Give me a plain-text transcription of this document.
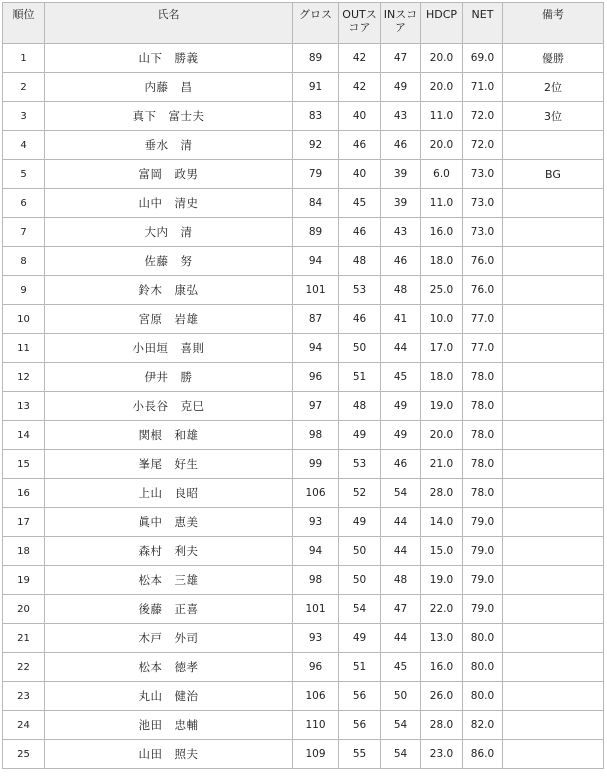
順位	氏名	グロス	OUTスコア	INスコア	HDCP	NET	備考
1	山下　勝義	89	42	47	20.0	69.0	優勝
2	内藤　昌	91	42	49	20.0	71.0	2位
3	真下　富士夫	83	40	43	11.0	72.0	3位
4	垂水　清	92	46	46	20.0	72.0	
5	富岡　政男	79	40	39	6.0	73.0	BG
6	山中　清史	84	45	39	11.0	73.0	
7	大内　清	89	46	43	16.0	73.0	
8	佐藤　努	94	48	46	18.0	76.0	
9	鈴木　康弘	101	53	48	25.0	76.0	
10	宮原　岩雄	87	46	41	10.0	77.0	
11	小田垣　喜則	94	50	44	17.0	77.0	
12	伊井　勝	96	51	45	18.0	78.0	
13	小長谷　克巳	97	48	49	19.0	78.0	
14	関根　和雄	98	49	49	20.0	78.0	
15	峯尾　好生	99	53	46	21.0	78.0	
16	上山　良昭	106	52	54	28.0	78.0	
17	眞中　恵美	93	49	44	14.0	79.0	
18	森村　利夫	94	50	44	15.0	79.0	
19	松本　三雄	98	50	48	19.0	79.0	
20	後藤　正喜	101	54	47	22.0	79.0	
21	木戸　外司	93	49	44	13.0	80.0	
22	松本　徳孝	96	51	45	16.0	80.0	
23	丸山　健治	106	56	50	26.0	80.0	
24	池田　忠輔	110	56	54	28.0	82.0	
25	山田　照夫	109	55	54	23.0	86.0	
